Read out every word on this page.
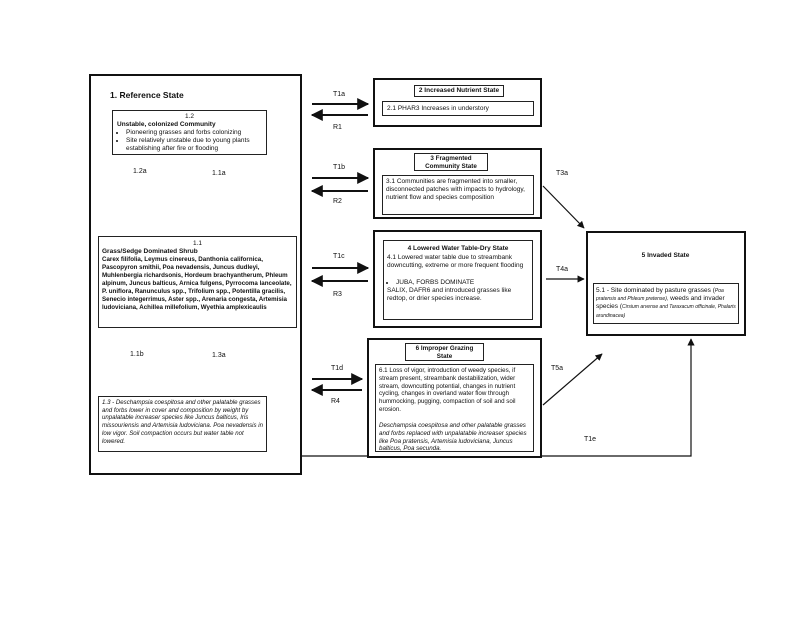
1. Reference State
1.2
Unstable, colonized Community
• Pioneering grasses and forbs colonizing
• Site relatively unstable due to young plants establishing after fire or flooding
1.2a	1.1a
1.1
Grass/Sedge Dominated Shrub
Carex filifolia, Leymus cinereus, Danthonia californica, Pascopyron smithii, Poa nevadensis, Juncus dudleyi, Muhlenbergia richardsonis, Hordeum brachyantherum, Phleum alpinum, Juncus balticus, Arnica fulgens, Pyrrocoma lanceolate, P. uniflora, Ranunculus spp., Trifolium spp., Potentilla gracilis, Senecio integerrimus, Aster spp., Arenaria congesta, Artemisia ludoviciana, Achillea millefolium, Wyethia amplexicaulis
1.1b	1.3a
1.3 - Deschampsia coespitosa and other palatable grasses and forbs lower in cover and composition by weight by unpalatable increaser species like Juncus balticus, Iris missouriensis and Artemisia ludoviciana. Poa nevadensis in low vigor. Soil compaction occurs but water table not lowered.
2 Increased Nutrient State
2.1 PHAR3 Increases in understory
3 Fragmented
Community State
3.1 Communities are fragmented into smaller, disconnected patches with impacts to hydrology, nutrient flow and species composition
4 Lowered Water Table-Dry State
4.1 Lowered water table due to streambank downcutting, extreme or more frequent flooding
• JUBA, FORBS DOMINATE
SALIX, DAFR6 and introduced grasses like redtop, or drier species increase.
5 Invaded State
5.1 - Site dominated by pasture grasses (Poa pratensis and Phleum pretense), weeds and invader species (Cirsium arvense and Taraxacum officinale, Phalaris arundinacea)
6 Improper Grazing
State
6.1 Loss of vigor, introduction of weedy species, if stream present, streambank destabilization, wider stream, downcutting potential, changes in nutrient cycling, changes in overland water flow through hummocking, pugging, compaction of soil and soil erosion.
Deschampsia coespitosa and other palatable grasses and forbs replaced with unpalatable increaser species like Poa pratensis, Artemisia ludoviciana, Juncus balticus, Poa secunda.
T1a
R1
T1b
R2
T1c
R3
T1d
R4
T3a
T4a
T5a
T1e
